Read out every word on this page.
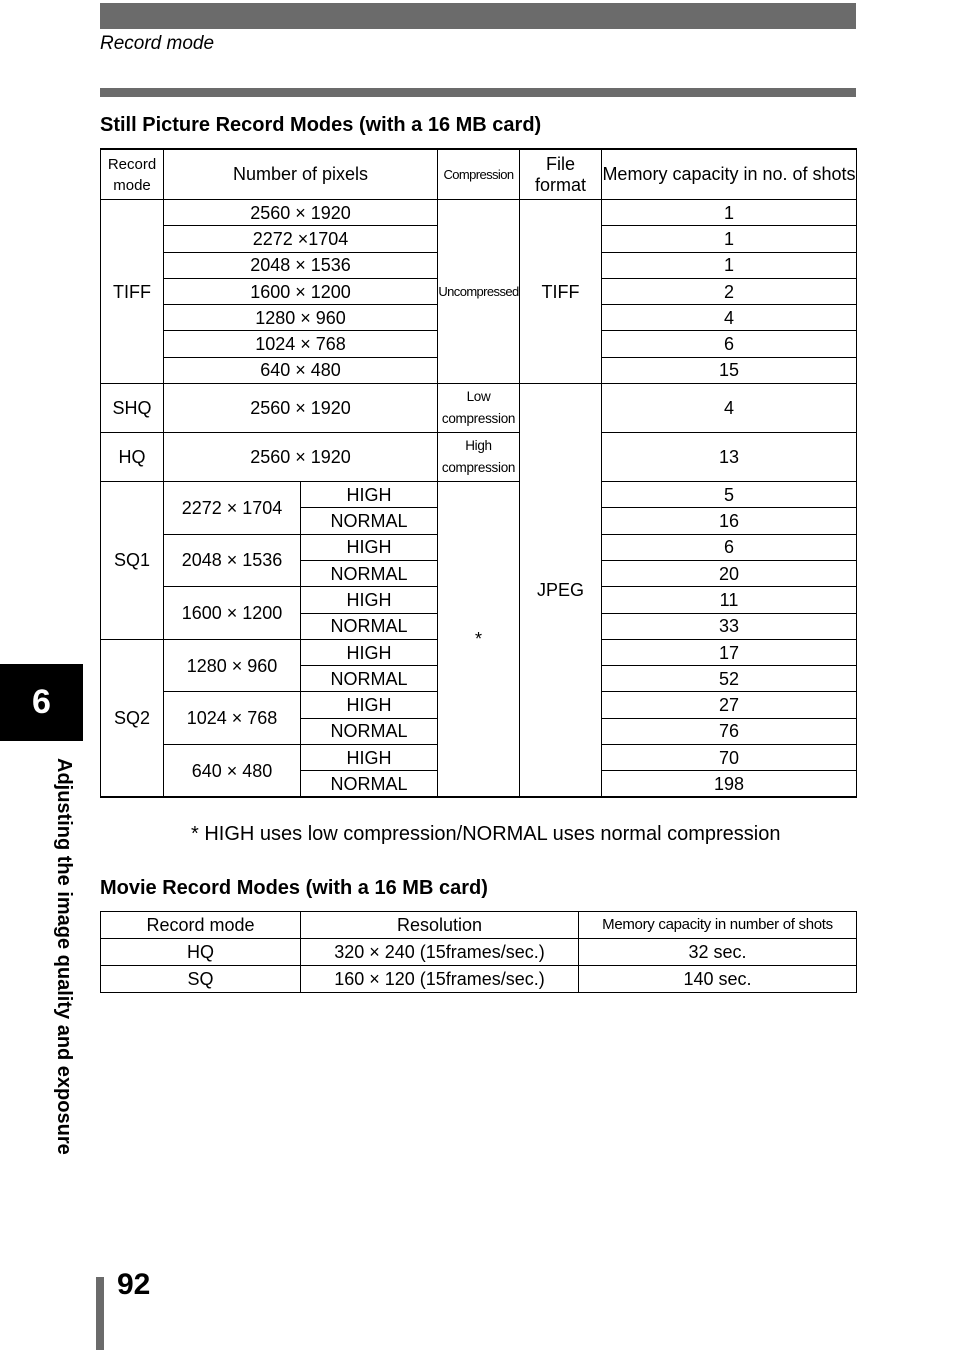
Record mode
Still Picture Record Modes (with a 16 MB card)
Record mode	Number of pixels		Compression	File format	Memory capacity in no. of shots
TIFF	2560 × 1920		Uncompressed	TIFF	1
	2272 ×1704				1
	2048 × 1536				1
	1600 × 1200				2
	1280 × 960				4
	1024 × 768				6
	640 × 480				15
SHQ	2560 × 1920		Low compression	JPEG	4
HQ	2560 × 1920		High compression		13
SQ1	2272 × 1704	HIGH	*		5
		NORMAL			16
	2048 × 1536	HIGH			6
		NORMAL			20
	1600 × 1200	HIGH			11
		NORMAL			33
SQ2	1280 × 960	HIGH			17
		NORMAL			52
	1024 × 768	HIGH			27
		NORMAL			76
	640 × 480	HIGH			70
		NORMAL			198
* HIGH uses low compression/NORMAL uses normal compression
Movie Record Modes (with a 16 MB card)
Record mode	Resolution	Memory capacity in number of shots
HQ	320 × 240 (15frames/sec.)	32 sec.
SQ	160 × 120 (15frames/sec.)	140 sec.
6
Adjusting the image quality and exposure
92
